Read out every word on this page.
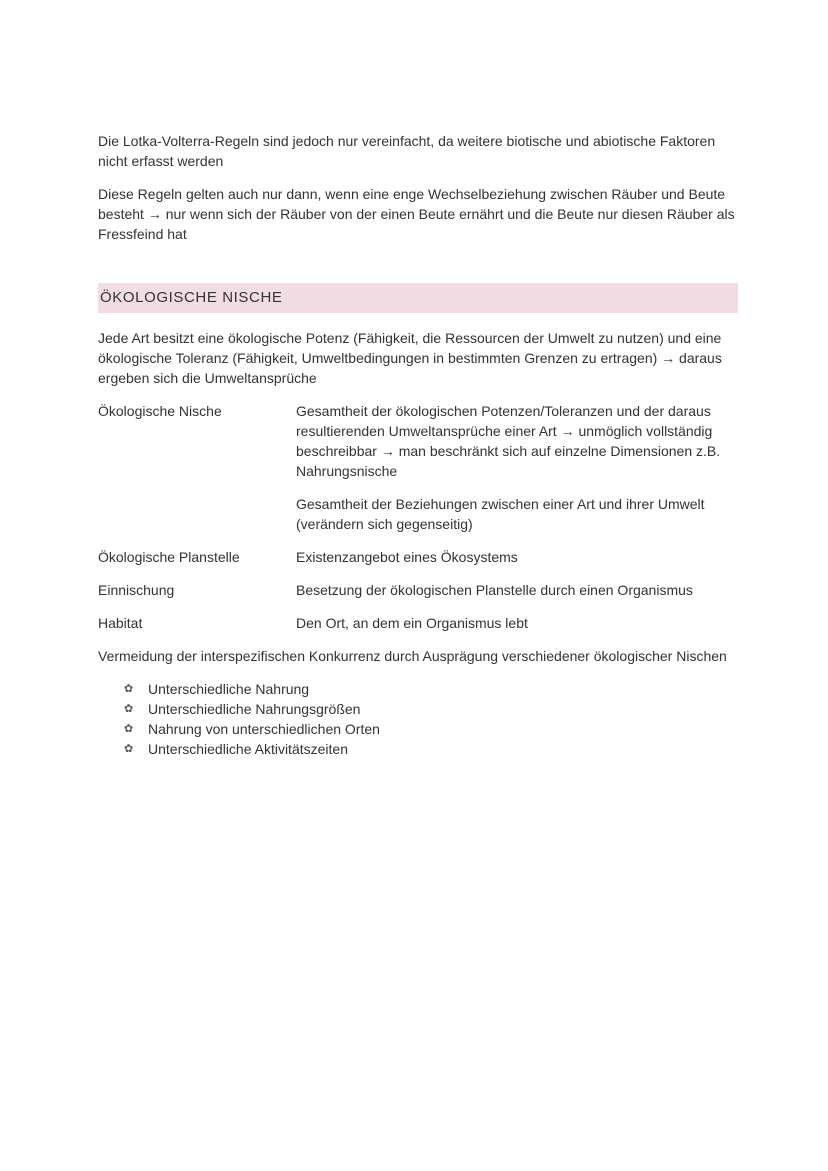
Die Lotka-Volterra-Regeln sind jedoch nur vereinfacht, da weitere biotische und abiotische Faktoren nicht erfasst werden

Diese Regeln gelten auch nur dann, wenn eine enge Wechselbeziehung zwischen Räuber und Beute besteht → nur wenn sich der Räuber von der einen Beute ernährt und die Beute nur diesen Räuber als Fressfeind hat

ÖKOLOGISCHE NISCHE

Jede Art besitzt eine ökologische Potenz (Fähigkeit, die Ressourcen der Umwelt zu nutzen) und eine ökologische Toleranz (Fähigkeit, Umweltbedingungen in bestimmten Grenzen zu ertragen) → daraus ergeben sich die Umweltansprüche

Ökologische Nische	Gesamtheit der ökologischen Potenzen/Toleranzen und der daraus resultierenden Umweltansprüche einer Art → unmöglich vollständig beschreibbar → man beschränkt sich auf einzelne Dimensionen z.B. Nahrungsnische

Gesamtheit der Beziehungen zwischen einer Art und ihrer Umwelt (verändern sich gegenseitig)

Ökologische Planstelle	Existenzangebot eines Ökosystems
Einnischung	Besetzung der ökologischen Planstelle durch einen Organismus
Habitat	Den Ort, an dem ein Organismus lebt

Vermeidung der interspezifischen Konkurrenz durch Ausprägung verschiedener ökologischer Nischen

✿	Unterschiedliche Nahrung
✿	Unterschiedliche Nahrungsgrößen
✿	Nahrung von unterschiedlichen Orten
✿	Unterschiedliche Aktivitätszeiten
